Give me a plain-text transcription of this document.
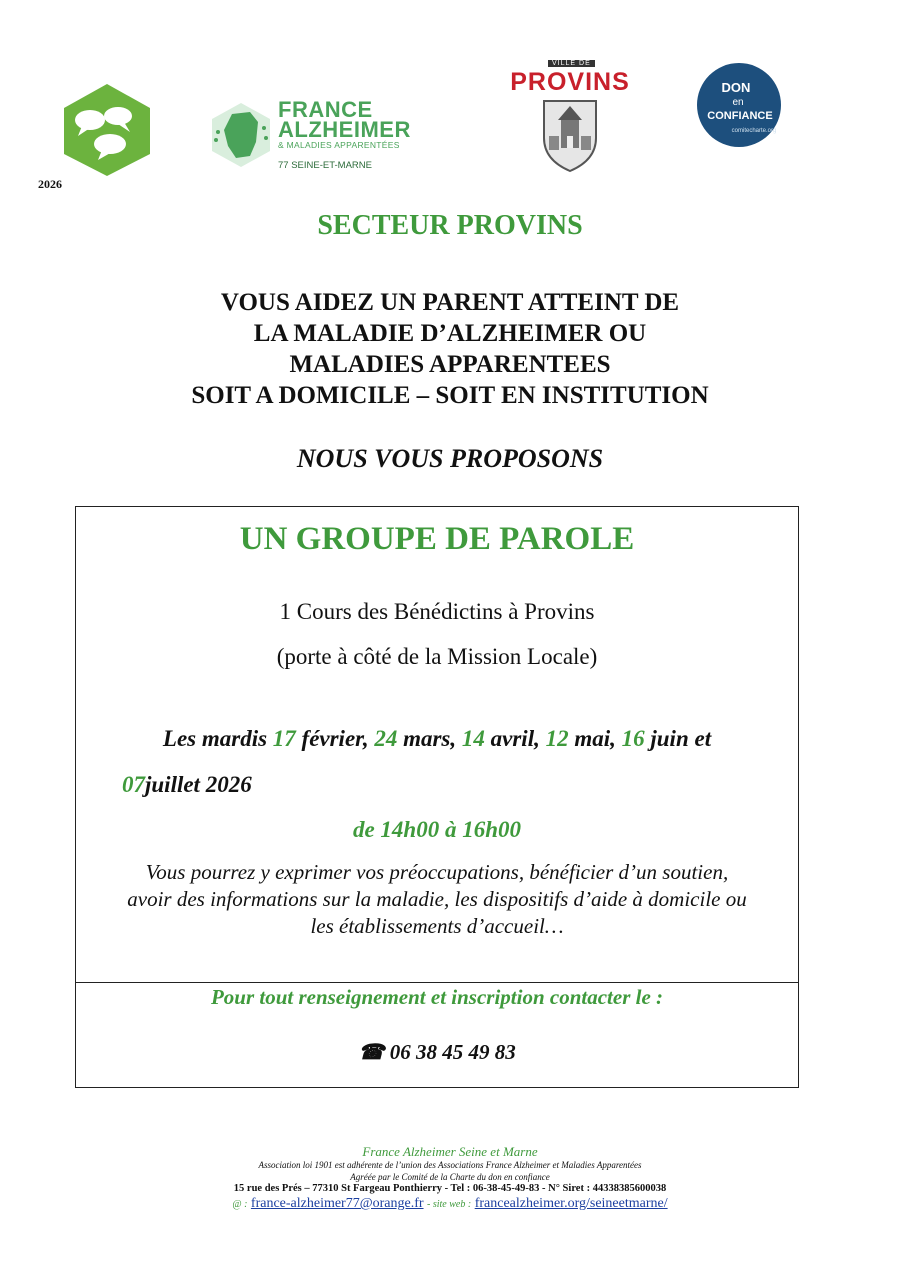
2026
FRANCE
ALZHEIMER
& MALADIES APPARENTÉES
77 SEINE-ET-MARNE
VILLE DE
PROVINS	DON
en
CONFIANCE
comitecharte.org
SECTEUR PROVINS
VOUS AIDEZ UN PARENT ATTEINT DE
LA MALADIE D’ALZHEIMER OU
MALADIES APPARENTEES
SOIT A DOMICILE – SOIT EN INSTITUTION
NOUS VOUS PROPOSONS
UN GROUPE DE PAROLE
1 Cours des Bénédictins à Provins
(porte à côté de la Mission Locale)
Les mardis 17 février, 24 mars, 14 avril, 12 mai, 16 juin et
07juillet 2026
de 14h00 à 16h00
Vous pourrez y exprimer vos préoccupations, bénéficier d’un soutien,
avoir des informations sur la maladie, les dispositifs d’aide à domicile ou
les établissements d’accueil…
Pour tout renseignement et inscription contacter le :
☎ 06 38 45 49 83
France Alzheimer Seine et Marne
Association loi 1901 est adhérente de l’union des Associations France Alzheimer et Maladies Apparentées
Agréée par le Comité de la Charte du don en confiance
15 rue des Prés – 77310 St Fargeau Ponthierry - Tel : 06-38-45-49-83 - N° Siret : 44338385600038
@ : france-alzheimer77@orange.fr - site web : francealzheimer.org/seineetmarne/
